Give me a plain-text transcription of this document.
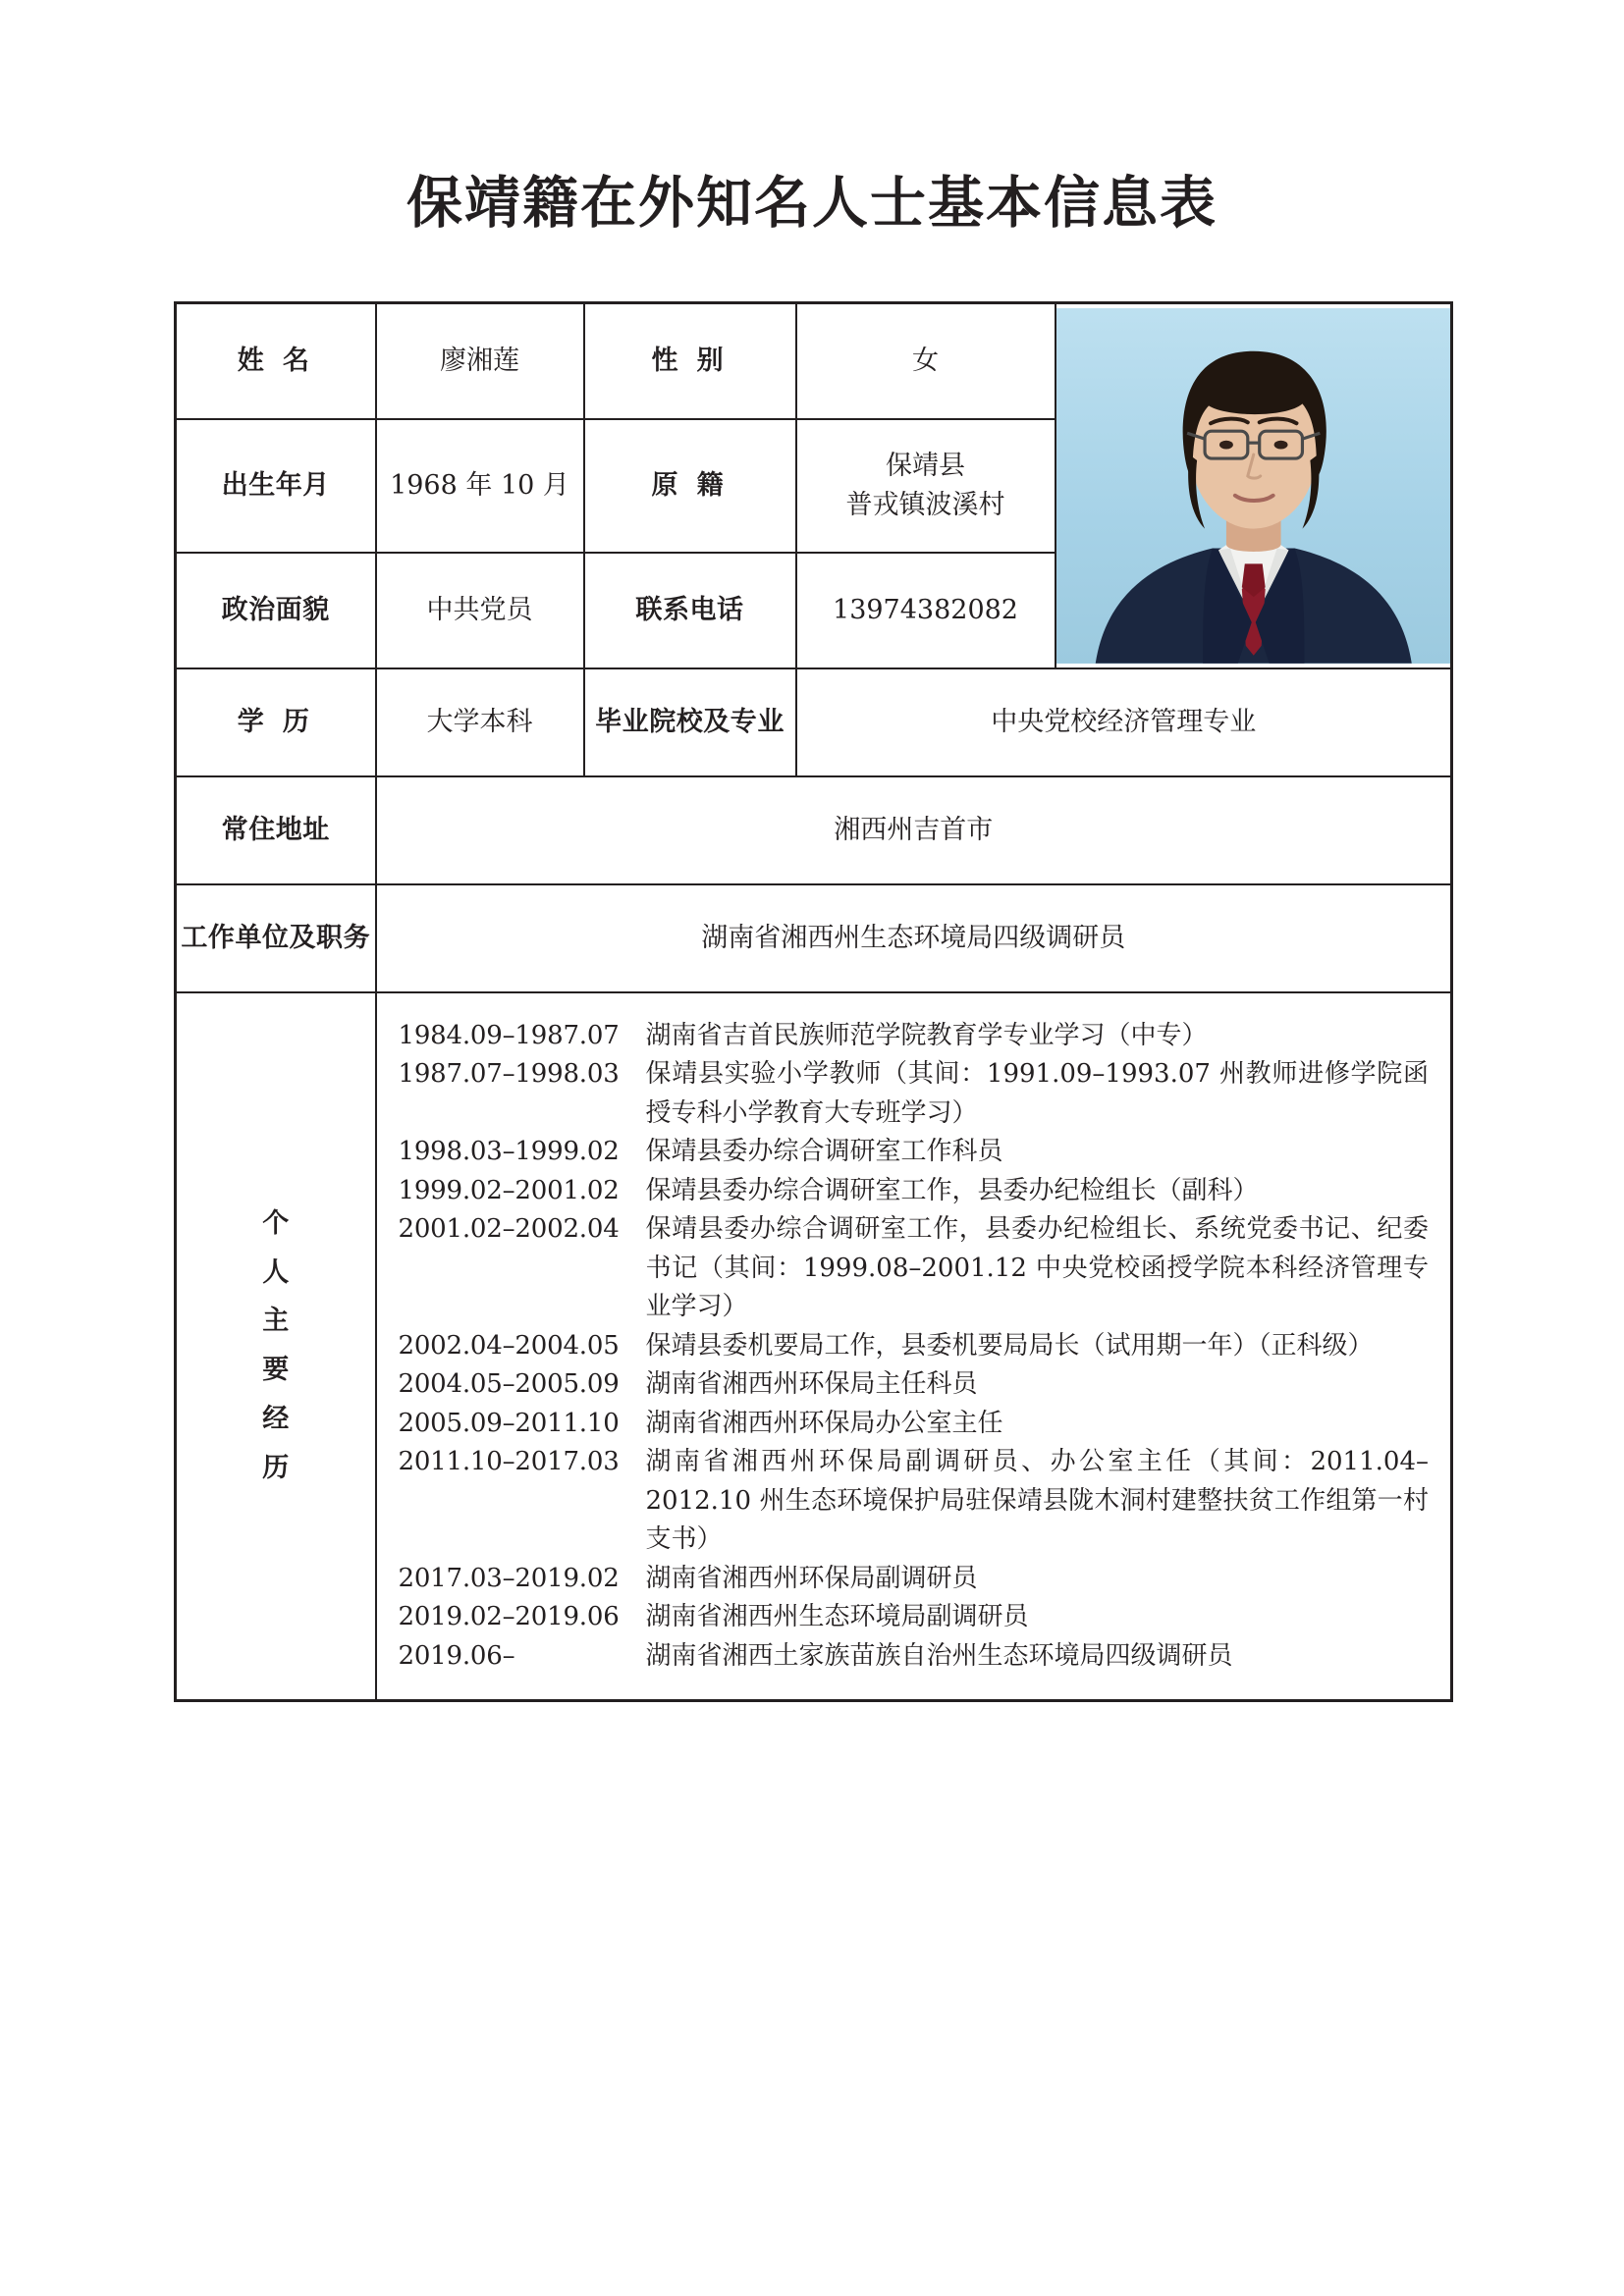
保靖籍在外知名人士基本信息表
姓 名	廖湘莲	性 别	女	

出生年月	1968 年 10 月	原 籍	保靖县
普戎镇波溪村	

政治面貌	中共党员	联系电话	13974382082	
学 历	大学本科	毕业院校及专业	中央党校经济管理专业	
常住地址	湘西州吉首市			
工作单位及职务	湖南省湘西州生态环境局四级调研员			

个
人
主
要
经
历

1984.09–1987.07	湖南省吉首民族师范学院教育学专业学习（中专）
1987.07–1998.03	保靖县实验小学教师（其间：1991.09–1993.07 州教师进修学院函授专科小学教育大专班学习）
1998.03–1999.02	保靖县委办综合调研室工作科员
1999.02–2001.02	保靖县委办综合调研室工作，县委办纪检组长（副科）
2001.02–2002.04	保靖县委办综合调研室工作，县委办纪检组长、系统党委书记、纪委书记（其间：1999.08–2001.12 中央党校函授学院本科经济管理专业学习）
2002.04–2004.05	保靖县委机要局工作，县委机要局局长（试用期一年）（正科级）
2004.05–2005.09	湖南省湘西州环保局主任科员
2005.09–2011.10	湖南省湘西州环保局办公室主任
2011.10–2017.03	湖南省湘西州环保局副调研员、办公室主任（其间：2011.04–2012.10 州生态环境保护局驻保靖县陇木洞村建整扶贫工作组第一村支书）
2017.03–2019.02	湖南省湘西州环保局副调研员
2019.02–2019.06	湖南省湘西州生态环境局副调研员
2019.06–	湖南省湘西土家族苗族自治州生态环境局四级调研员
